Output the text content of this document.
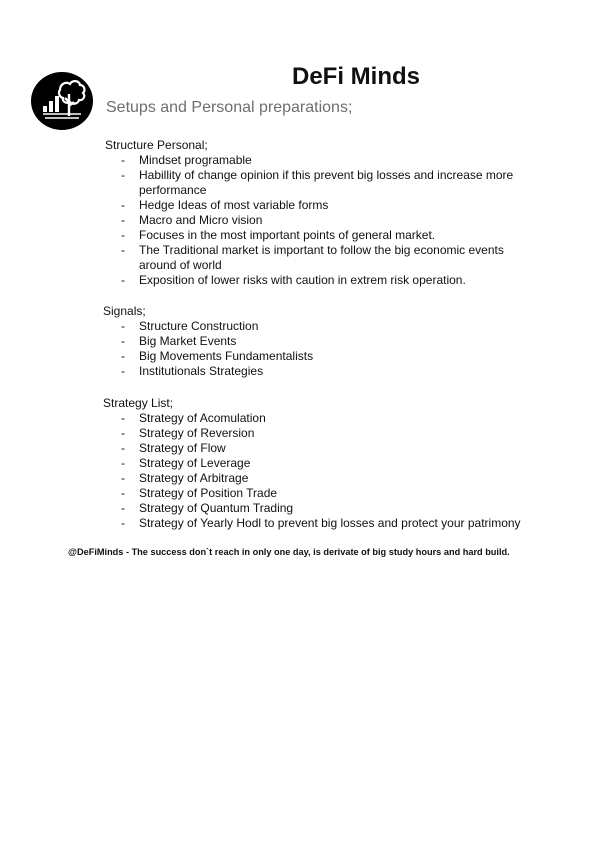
DeFi Minds
Setups and Personal preparations;
Structure Personal;
- Mindset programable
- Habillity of change opinion if this prevent big losses and increase more performance
- Hedge Ideas of most variable forms
- Macro and Micro vision
- Focuses in the most important points of general market.
- The Traditional market is important to follow the big economic events around of world
- Exposition of lower risks with caution in extrem risk operation.
Signals;
- Structure Construction
- Big Market Events
- Big Movements Fundamentalists
- Institutionals Strategies
Strategy List;
- Strategy of Acomulation
- Strategy of Reversion
- Strategy of Flow
- Strategy of Leverage
- Strategy of Arbitrage
- Strategy of Position Trade
- Strategy of Quantum Trading
- Strategy of Yearly Hodl to prevent big losses and protect your patrimony
@DeFiMinds - The success don`t reach in only one day, is derivate of big study hours and hard build.
